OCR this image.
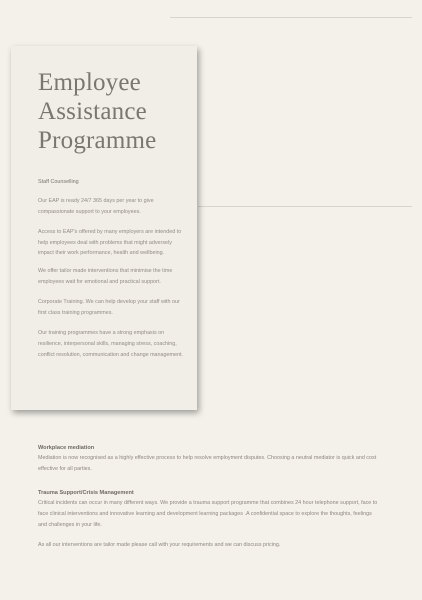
Employee
Assistance
Programme
Staff Counselling

Our EAP is ready 24/7 365 days per year to give compassionate support to your employees.

Access to EAP's offered by many employers are intended to help employees deal with problems that might adversely impact their work performance, health and wellbeing.

We offer tailor made interventions that minimise the time employees wait for emotional and practical support.

Corporate Training. We can help develop your staff with our first class training programmes.

Our training programmes have a strong emphasis on resilience, interpersonal skills, managing stress, coaching, conflict resolution, communication and change management.

Workplace mediation

Mediation is now recognised as a highly effective process to help resolve employment disputes. Choosing a neutral mediator is quick and cost effective for all parties.

Trauma Support/Crisis Management

Critical incidents can occur in many different ways. We provide a trauma support programme that combines 24 hour telephone support, face to face clinical interventions and innovative learning and development learning packages .A confidential space to explore the thoughts, feelings and challenges in your life.

As all our interventions are tailor made please call with your requirements and we can discuss pricing.
